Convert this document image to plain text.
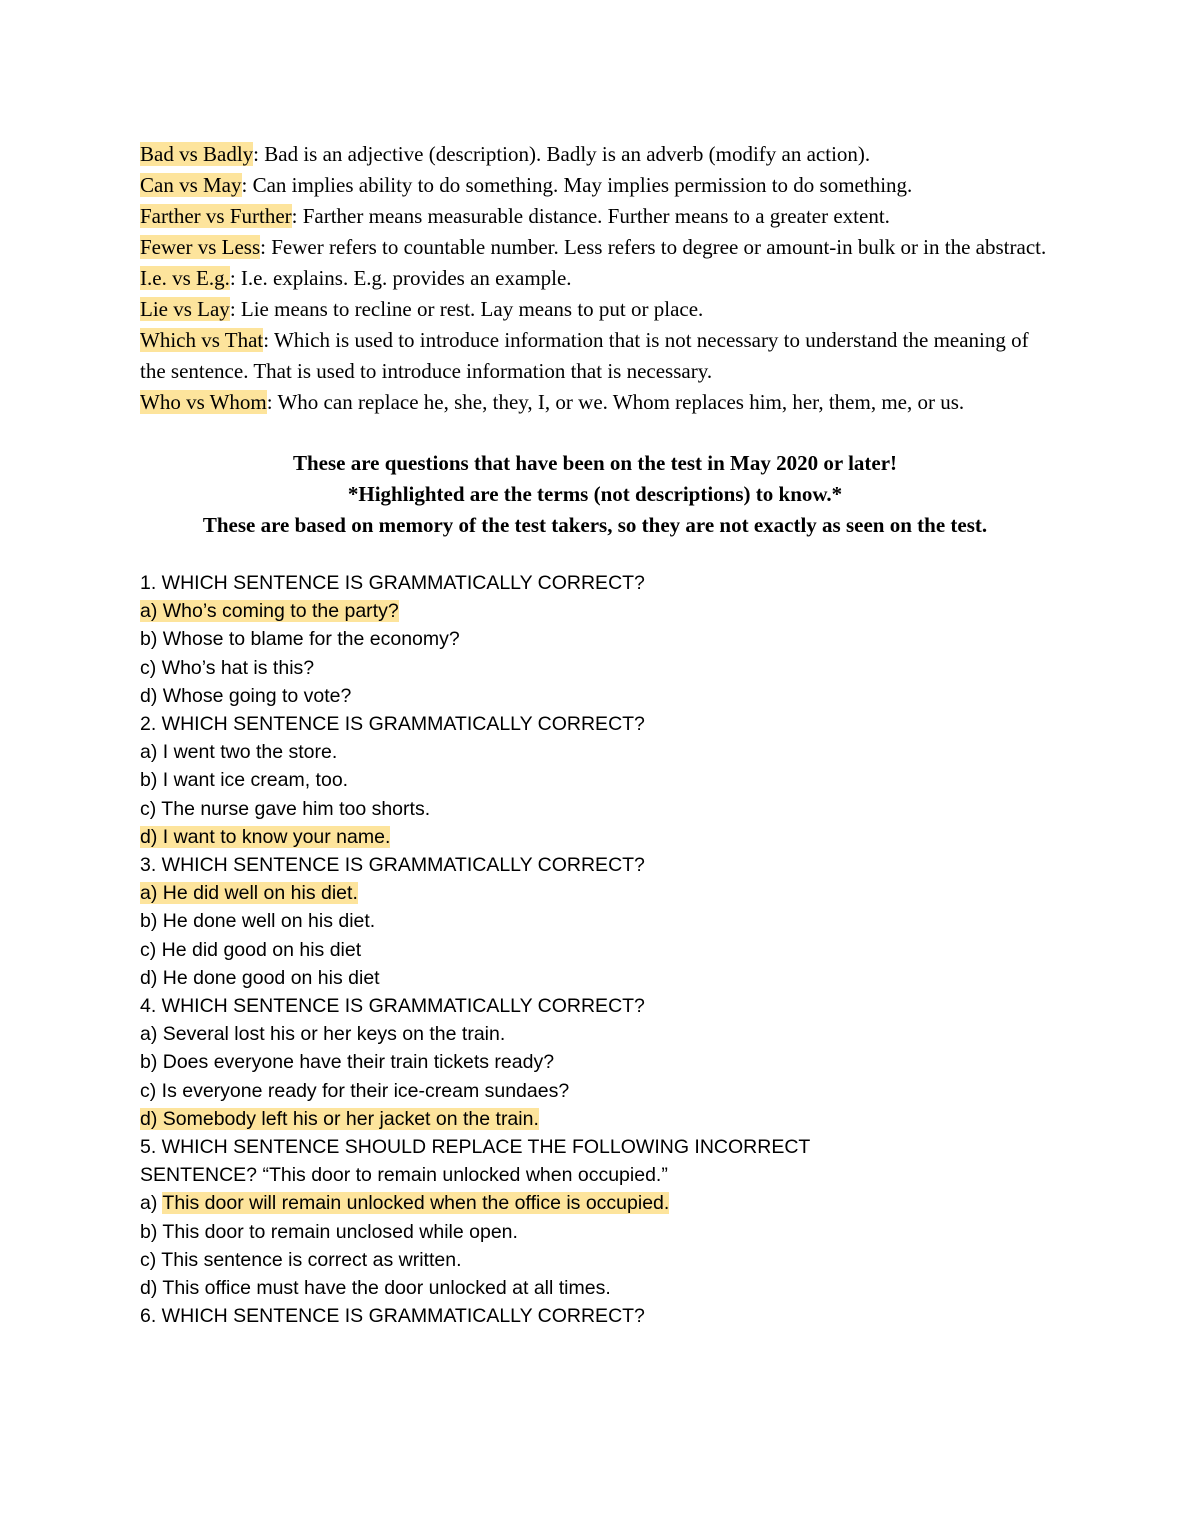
Bad vs Badly: Bad is an adjective (description). Badly is an adverb (modify an action).

Can vs May: Can implies ability to do something. May implies permission to do something.

Farther vs Further: Farther means measurable distance. Further means to a greater extent.

Fewer vs Less: Fewer refers to countable number. Less refers to degree or amount-in bulk or in the abstract.

I.e. vs E.g.: I.e. explains. E.g. provides an example.

Lie vs Lay: Lie means to recline or rest. Lay means to put or place.

Which vs That: Which is used to introduce information that is not necessary to understand the meaning of the sentence. That is used to introduce information that is necessary.

Who vs Whom: Who can replace he, she, they, I, or we. Whom replaces him, her, them, me, or us.

These are questions that have been on the test in May 2020 or later!
*Highlighted are the terms (not descriptions) to know.*
These are based on memory of the test takers, so they are not exactly as seen on the test.

1. WHICH SENTENCE IS GRAMMATICALLY CORRECT?

a) Who’s coming to the party?

b) Whose to blame for the economy?

c) Who’s hat is this?

d) Whose going to vote?

2. WHICH SENTENCE IS GRAMMATICALLY CORRECT?

a) I went two the store.

b) I want ice cream, too.

c) The nurse gave him too shorts.

d) I want to know your name.

3. WHICH SENTENCE IS GRAMMATICALLY CORRECT?

a) He did well on his diet.

b) He done well on his diet.

c) He did good on his diet

d) He done good on his diet

4. WHICH SENTENCE IS GRAMMATICALLY CORRECT?

a) Several lost his or her keys on the train.

b) Does everyone have their train tickets ready?

c) Is everyone ready for their ice-cream sundaes?

d) Somebody left his or her jacket on the train.

5. WHICH SENTENCE SHOULD REPLACE THE FOLLOWING INCORRECT

SENTENCE? “This door to remain unlocked when occupied.”

a) This door will remain unlocked when the office is occupied.

b) This door to remain unclosed while open.

c) This sentence is correct as written.

d) This office must have the door unlocked at all times.

6. WHICH SENTENCE IS GRAMMATICALLY CORRECT?
